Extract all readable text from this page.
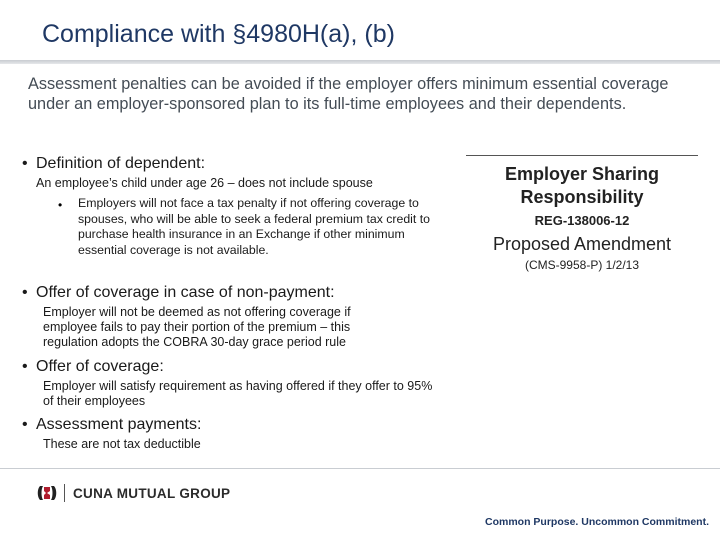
Compliance with §4980H(a), (b)
Assessment penalties can be avoided if the employer offers minimum essential coverage under an employer-sponsored plan to its full-time employees and their dependents.
• Definition of dependent:
An employee’s child under age 26 – does not include spouse
•	Employers will not face a tax penalty if not offering coverage to spouses, who will be able to seek a federal premium tax credit to purchase health insurance in an Exchange if other minimum essential coverage is not available.
• Offer of coverage in case of non-payment:
Employer will not be deemed as not offering coverage if employee fails to pay their portion of the premium – this regulation adopts the COBRA 30-day grace period rule
• Offer of coverage:
Employer will satisfy requirement as having offered if they offer to 95% of their employees
• Assessment payments:
These are not tax deductible
Employer Sharing Responsibility
REG-138006-12
Proposed Amendment
(CMS-9958-P) 1/2/13
CUNA MUTUAL GROUP
Common Purpose. Uncommon Commitment.
